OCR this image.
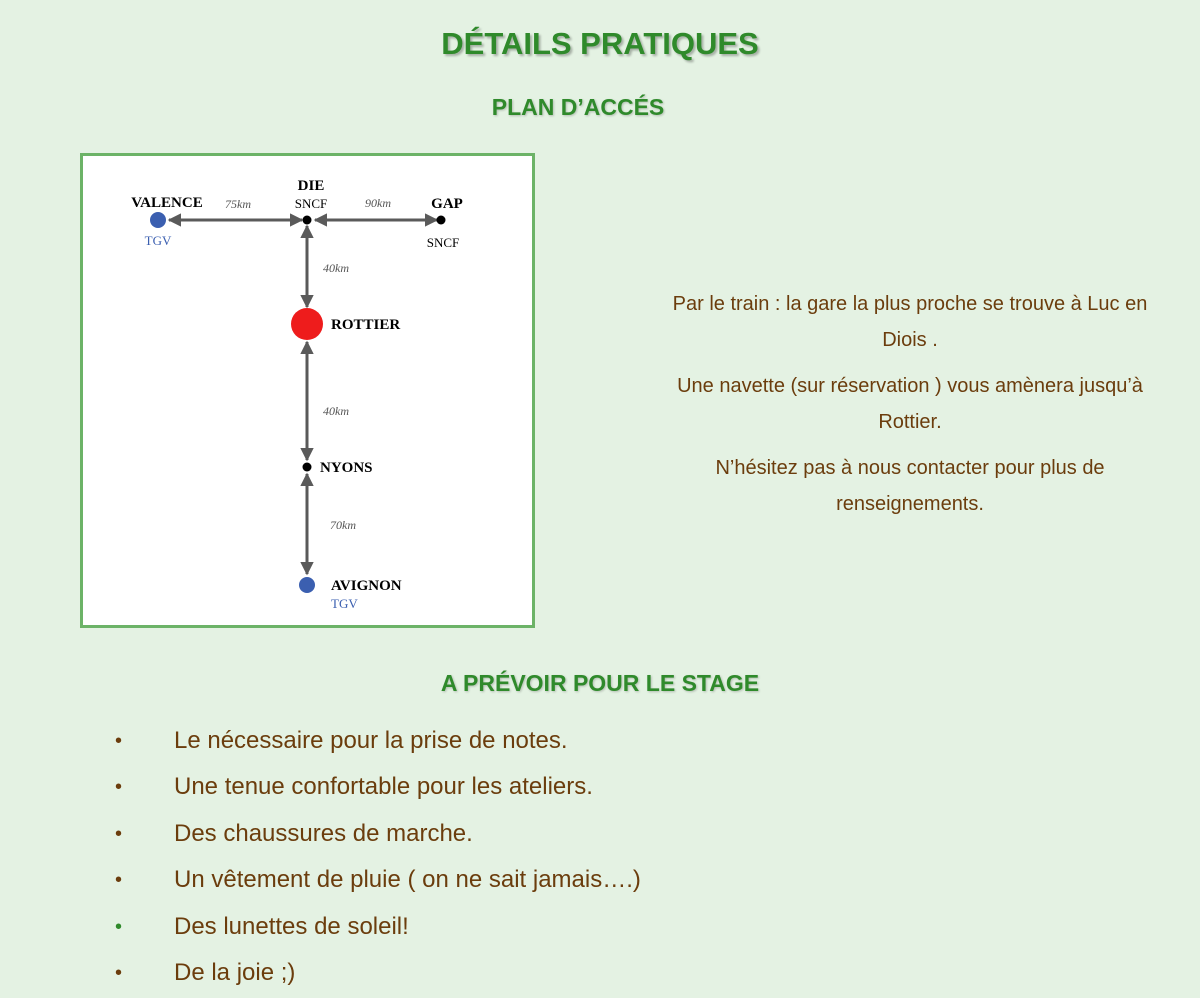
DÉTAILS PRATIQUES
PLAN D’ACCÉS
DIE
SNCF
VALENCE
TGV
GAP
SNCF
ROTTIER
NYONS
AVIGNON
TGV
75km	90km
40km
40km
70km

Par le train : la gare la plus proche se trouve à Luc en Diois .

Une navette (sur réservation ) vous amènera jusqu’à Rottier.

N’hésitez pas à nous contacter pour plus de renseignements.

A PRÉVOIR POUR LE STAGE
• Le nécessaire pour la prise de notes.
• Une tenue confortable pour les ateliers.
• Des chaussures de marche.
• Un vêtement de pluie ( on ne sait jamais….)
• Des lunettes de soleil!
• De la joie ;)
